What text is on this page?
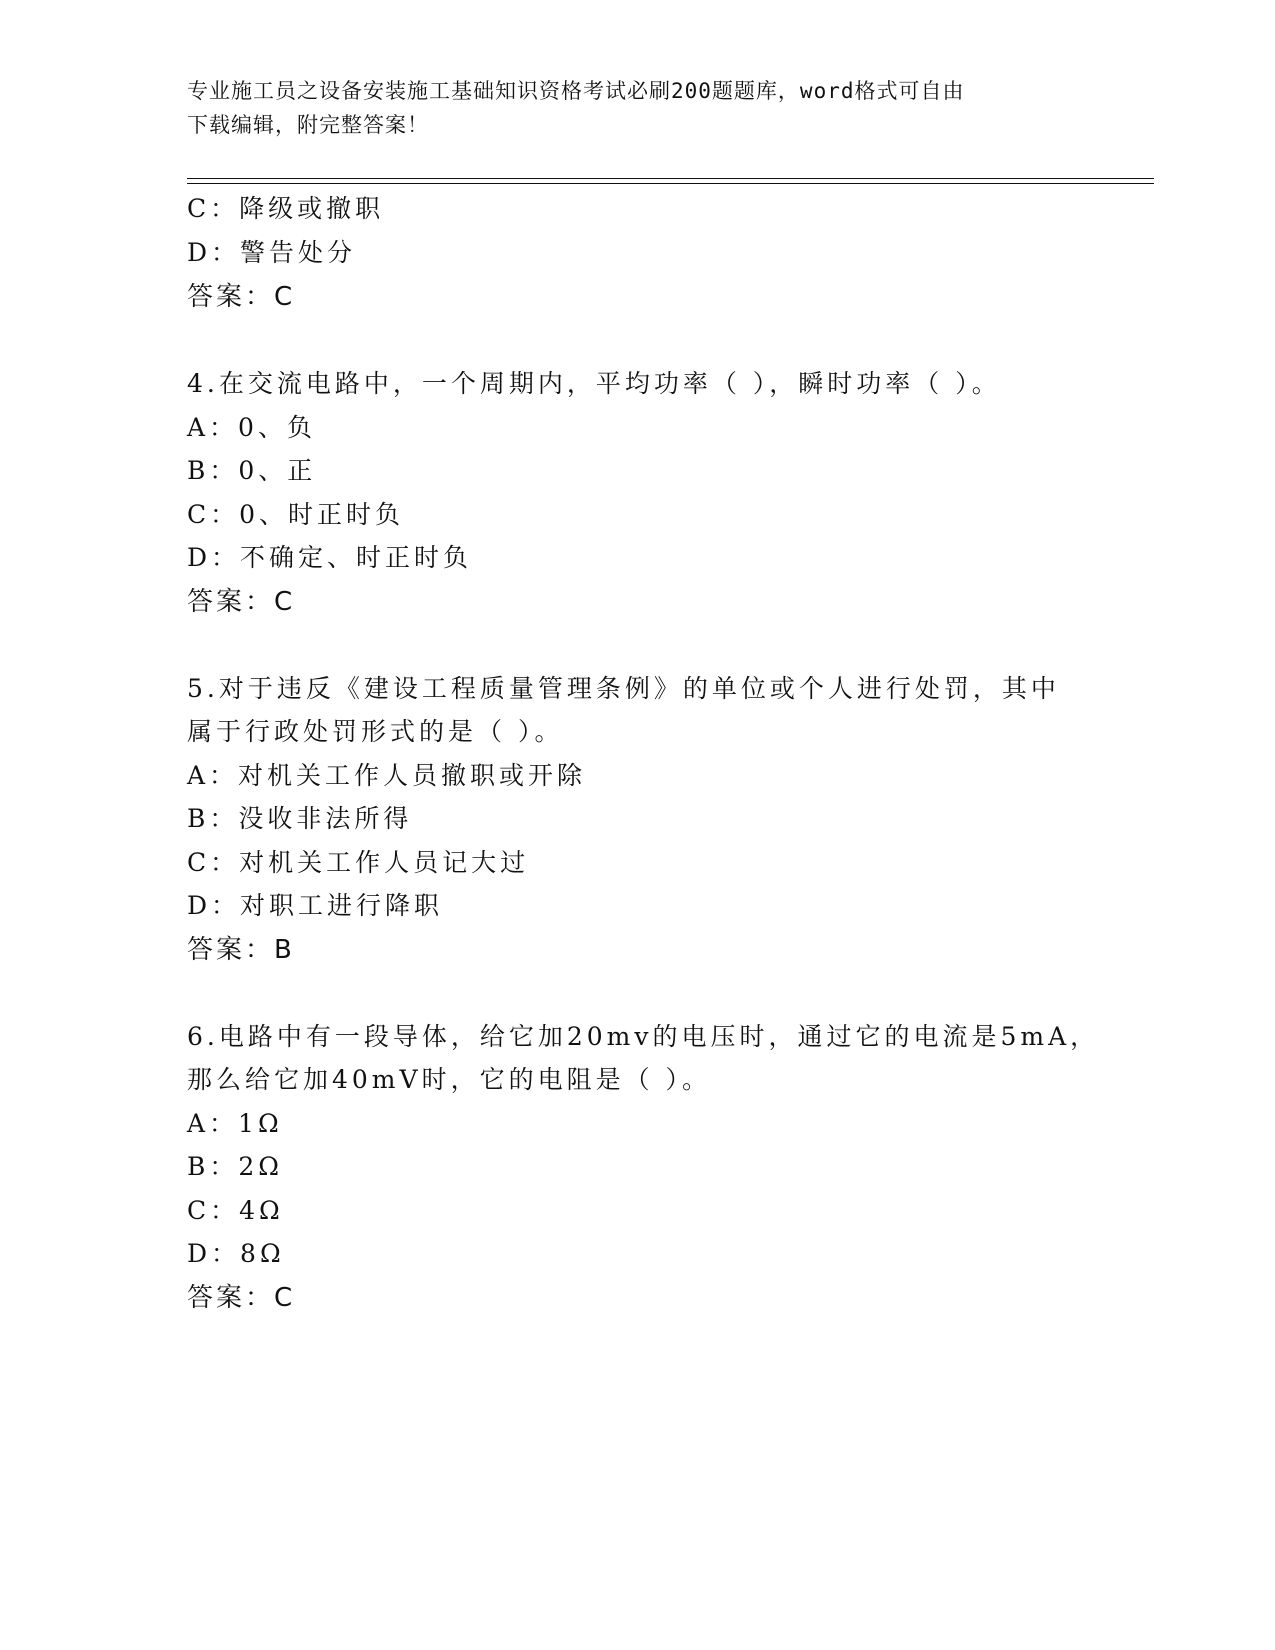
专业施工员之设备安装施工基础知识资格考试必刷200题题库，word格式可自由
下载编辑，附完整答案！
C：降级或撤职
D：警告处分
答案：C
4.在交流电路中，一个周期内，平均功率（ ），瞬时功率（ ）。
A：0、负
B：0、正
C：0、时正时负
D：不确定、时正时负
答案：C
5.对于违反《建设工程质量管理条例》的单位或个人进行处罚，其中
属于行政处罚形式的是（ ）。
A：对机关工作人员撤职或开除
B：没收非法所得
C：对机关工作人员记大过
D：对职工进行降职
答案：B
6.电路中有一段导体，给它加20mv的电压时，通过它的电流是5mA，
那么给它加40mV时，它的电阻是（ ）。
A：1Ω
B：2Ω
C：4Ω
D：8Ω
答案：C
